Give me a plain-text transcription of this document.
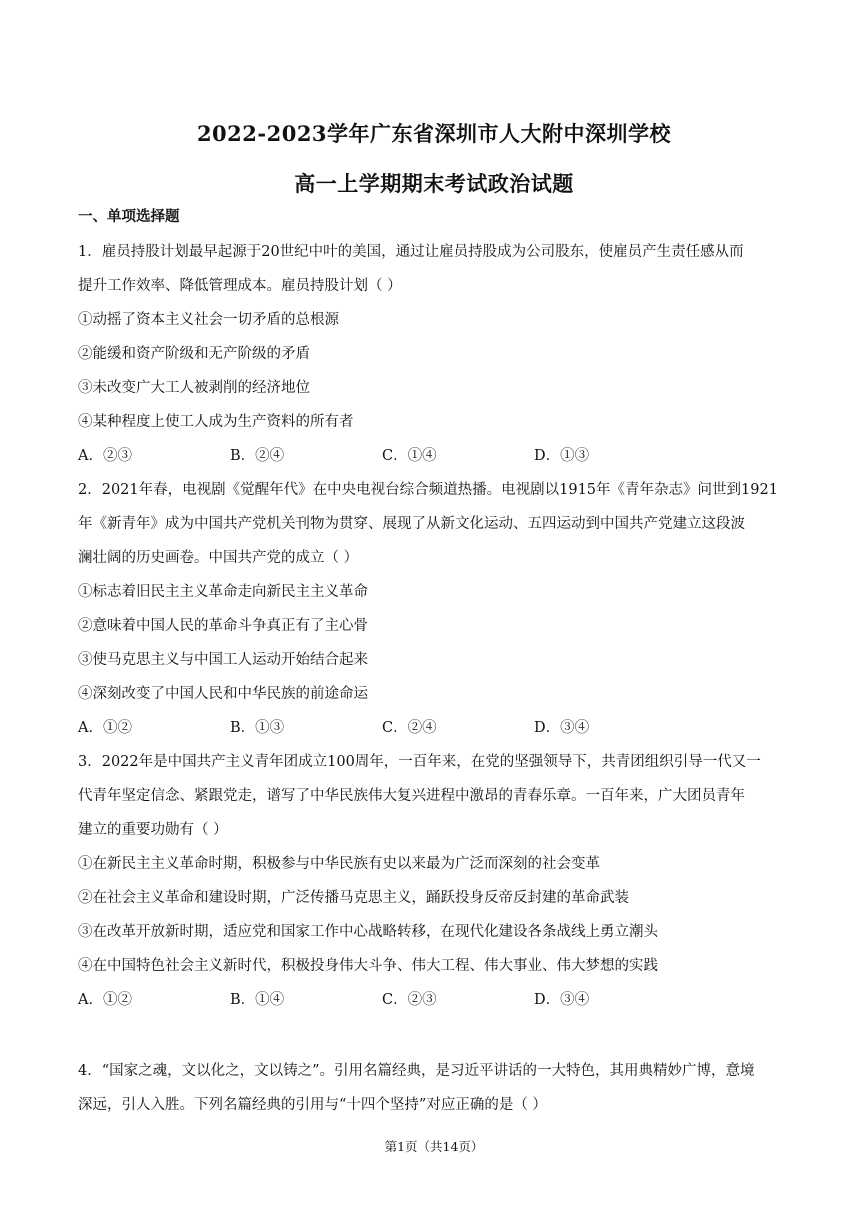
2022-2023学年广东省深圳市人大附中深圳学校
高一上学期期末考试政治试题
一、单项选择题
1．雇员持股计划最早起源于20世纪中叶的美国，通过让雇员持股成为公司股东，使雇员产生责任感从而
提升工作效率、降低管理成本。雇员持股计划（ ）
①动摇了资本主义社会一切矛盾的总根源
②能缓和资产阶级和无产阶级的矛盾
③未改变广大工人被剥削的经济地位
④某种程度上使工人成为生产资料的所有者
A．②③	B．②④	C．①④	D．①③
2．2021年春，电视剧《觉醒年代》在中央电视台综合频道热播。电视剧以1915年《青年杂志》问世到1921
年《新青年》成为中国共产党机关刊物为贯穿、展现了从新文化运动、五四运动到中国共产党建立这段波
澜壮阔的历史画卷。中国共产党的成立（ ）
①标志着旧民主主义革命走向新民主主义革命
②意味着中国人民的革命斗争真正有了主心骨
③使马克思主义与中国工人运动开始结合起来
④深刻改变了中国人民和中华民族的前途命运
A．①②	B．①③	C．②④	D．③④
3．2022年是中国共产主义青年团成立100周年，一百年来，在党的坚强领导下，共青团组织引导一代又一
代青年坚定信念、紧跟党走，谱写了中华民族伟大复兴进程中激昂的青春乐章。一百年来，广大团员青年
建立的重要功勋有（ ）
①在新民主主义革命时期，积极参与中华民族有史以来最为广泛而深刻的社会变革
②在社会主义革命和建设时期，广泛传播马克思主义，踊跃投身反帝反封建的革命武装
③在改革开放新时期，适应党和国家工作中心战略转移，在现代化建设各条战线上勇立潮头
④在中国特色社会主义新时代，积极投身伟大斗争、伟大工程、伟大事业、伟大梦想的实践
A．①②	B．①④	C．②③	D．③④
4．“国家之魂，文以化之，文以铸之”。引用名篇经典，是习近平讲话的一大特色，其用典精妙广博，意境
深远，引人入胜。下列名篇经典的引用与“十四个坚持”对应正确的是（ ）
第1页（共14页）
